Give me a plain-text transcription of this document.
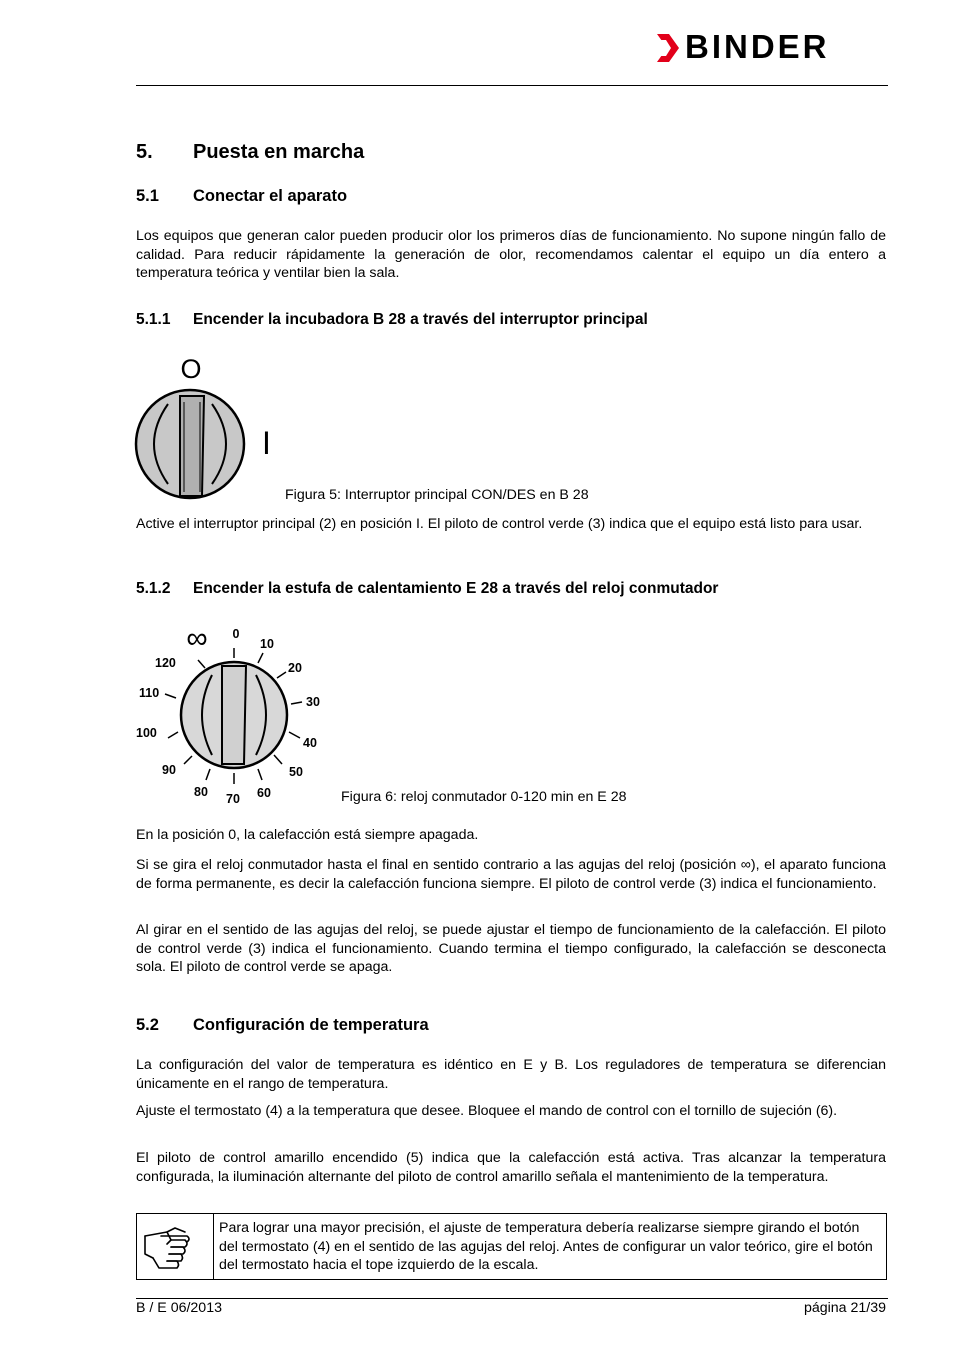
BINDER
5. Puesta en marcha
5.1 Conectar el aparato

Los equipos que generan calor pueden producir olor los primeros días de funcionamiento. No supone ningún fallo de calidad. Para reducir rápidamente la generación de olor, recomendamos calentar el equipo un día entero a temperatura teórica y ventilar bien la sala.

5.1.1 Encender la incubadora B 28 a través del interruptor principal
O
I

Figura 5: Interruptor principal CON/DES en B 28

Active el interruptor principal (2) en posición I. El piloto de control verde (3) indica que el equipo está listo para usar.

5.1.2 Encender la estufa de calentamiento E 28 a través del reloj conmutador
0
10
20
30
40
50
60
70
80
90
100
110
120
∞

Figura 6: reloj conmutador 0-120 min en E 28

En la posición 0, la calefacción está siempre apagada.

Si se gira el reloj conmutador hasta el final en sentido contrario a las agujas del reloj (posición ∞), el aparato funciona de forma permanente, es decir la calefacción funciona siempre. El piloto de control verde (3) indica el funcionamiento.

Al girar en el sentido de las agujas del reloj, se puede ajustar el tiempo de funcionamiento de la calefacción. El piloto de control verde (3) indica el funcionamiento. Cuando termina el tiempo configurado, la calefacción se desconecta sola. El piloto de control verde se apaga.

5.2 Configuración de temperatura

La configuración del valor de temperatura es idéntico en E y B. Los reguladores de temperatura se diferencian únicamente en el rango de temperatura.

Ajuste el termostato (4) a la temperatura que desee. Bloquee el mando de control con el tornillo de sujeción (6).

El piloto de control amarillo encendido (5) indica que la calefacción está activa. Tras alcanzar la temperatura configurada, la iluminación alternante del piloto de control amarillo señala el mantenimiento de la temperatura.

Para lograr una mayor precisión, el ajuste de temperatura debería realizarse siempre girando el botón del termostato (4) en el sentido de las agujas del reloj. Antes de configurar un valor teórico, gire el botón del termostato hacia el tope izquierdo de la escala.

B / E 06/2013	página 21/39
